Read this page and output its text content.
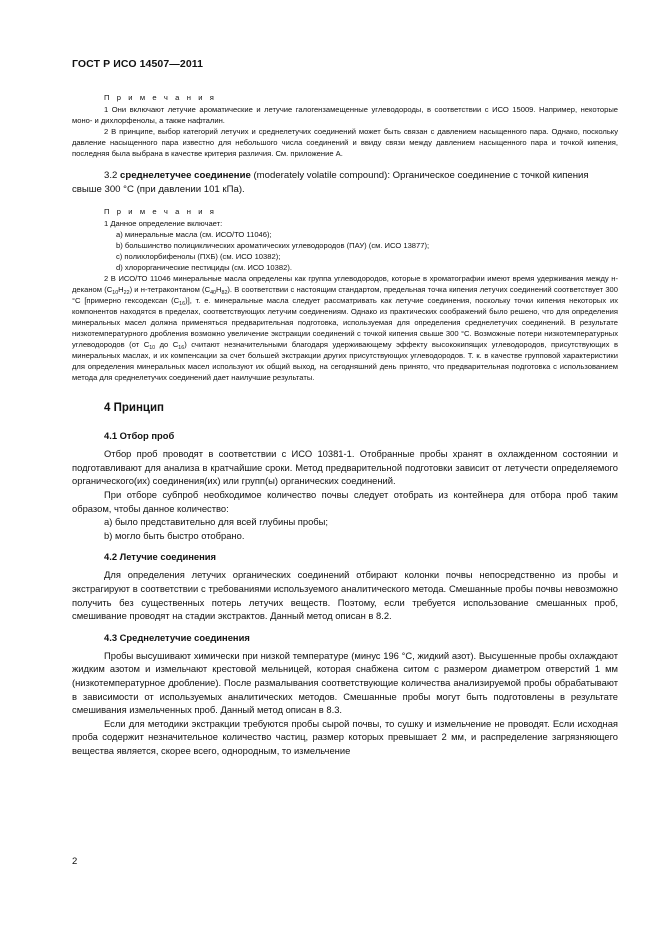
ГОСТ Р ИСО 14507—2011
П р и м е ч а н и я

1 Они включают летучие ароматические и летучие галогензамещенные углеводороды, в соответствии с ИСО 15009. Например, некоторые моно- и дихлорфенолы, а также нафталин.

2 В принципе, выбор категорий летучих и среднелетучих соединений может быть связан с давлением насыщенного пара. Однако, поскольку давление насыщенного пара известно для небольшого числа соединений и ввиду связи между давлением насыщенного пара и точкой кипения, последняя была выбрана в качестве критерия различия. См. приложение А.

3.2 среднелетучее соединение (moderately volatile compound): Органическое соединение с точкой кипения свыше 300 °C (при давлении 101 кПа).

П р и м е ч а н и я

1 Данное определение включает:

a) минеральные масла (см. ИСО/ТО 11046);
b) большинство полициклических ароматических углеводородов (ПАУ) (см. ИСО 13877);
c) полихлорбифенолы (ПХБ) (см. ИСО 10382);
d) хлорорганические пестициды (см. ИСО 10382).

2 В ИСО/ТО 11046 минеральные масла определены как группа углеводородов, которые в хроматографии имеют время удерживания между н-деканом $(C_{10}H_{22})$ и н-тетраконтаном $(C_{40}H_{82})$. В соответствии с настоящим стандартом, предельная точка кипения летучих соединений соответствует 300 °C [примерно гексодексан $(C_{16})$], т. е. минеральные масла следует рассматривать как летучие соединения, поскольку точки кипения некоторых их компонентов находятся в пределах, соответствующих летучим соединениям. Однако из практических соображений было решено, что для определения минеральных масел должна применяться предварительная подготовка, используемая для определения среднелетучих соединений. В результате низкотемпературного дробления возможно увеличение экстракции соединений с точкой кипения свыше 300 °C. Возможные потери низкотемпературных углеводородов (от $C_{10}$ до $C_{16}$) считают незначительными благодаря удерживающему эффекту высококипящих углеводородов, присутствующих в минеральных маслах, и их компенсации за счет большей экстракции других присутствующих углеводородов. Т. к. в качестве групповой характеристики для определения минеральных масел используют их общий выход, на сегодняшний день принято, что предварительная подготовка с использованием метода для среднелетучих соединений дает наилучшие результаты.

4 Принцип
4.1 Отбор проб

Отбор проб проводят в соответствии с ИСО 10381-1. Отобранные пробы хранят в охлажденном состоянии и подготавливают для анализа в кратчайшие сроки. Метод предварительной подготовки зависит от летучести определяемого органического(их) соединения(их) или групп(ы) органических соединений.

При отборе субпроб необходимое количество почвы следует отобрать из контейнера для отбора проб таким образом, чтобы данное количество:

a) было представительно для всей глубины пробы;
b) могло быть быстро отобрано.
4.2 Летучие соединения

Для определения летучих органических соединений отбирают колонки почвы непосредственно из пробы и экстрагируют в соответствии с требованиями используемого аналитического метода. Смешанные пробы почвы невозможно получить без существенных потерь летучих веществ. Поэтому, если требуется использование смешанных проб, смешивание проводят на стадии экстрактов. Данный метод описан в 8.2.

4.3 Среднелетучие соединения

Пробы высушивают химически при низкой температуре (минус 196 °C, жидкий азот). Высушенные пробы охлаждают жидким азотом и измельчают крестовой мельницей, которая снабжена ситом с размером диаметром отверстий 1 мм (низкотемпературное дробление). После размалывания соответствующие количества анализируемой пробы обрабатывают в зависимости от используемых аналитических методов. Смешанные пробы могут быть подготовлены в результате смешивания измельченных проб. Данный метод описан в 8.3.

Если для методики экстракции требуются пробы сырой почвы, то сушку и измельчение не проводят. Если исходная проба содержит незначительное количество частиц, размер которых превышает 2 мм, и распределение загрязняющего вещества является, скорее всего, однородным, то измельчение

2
